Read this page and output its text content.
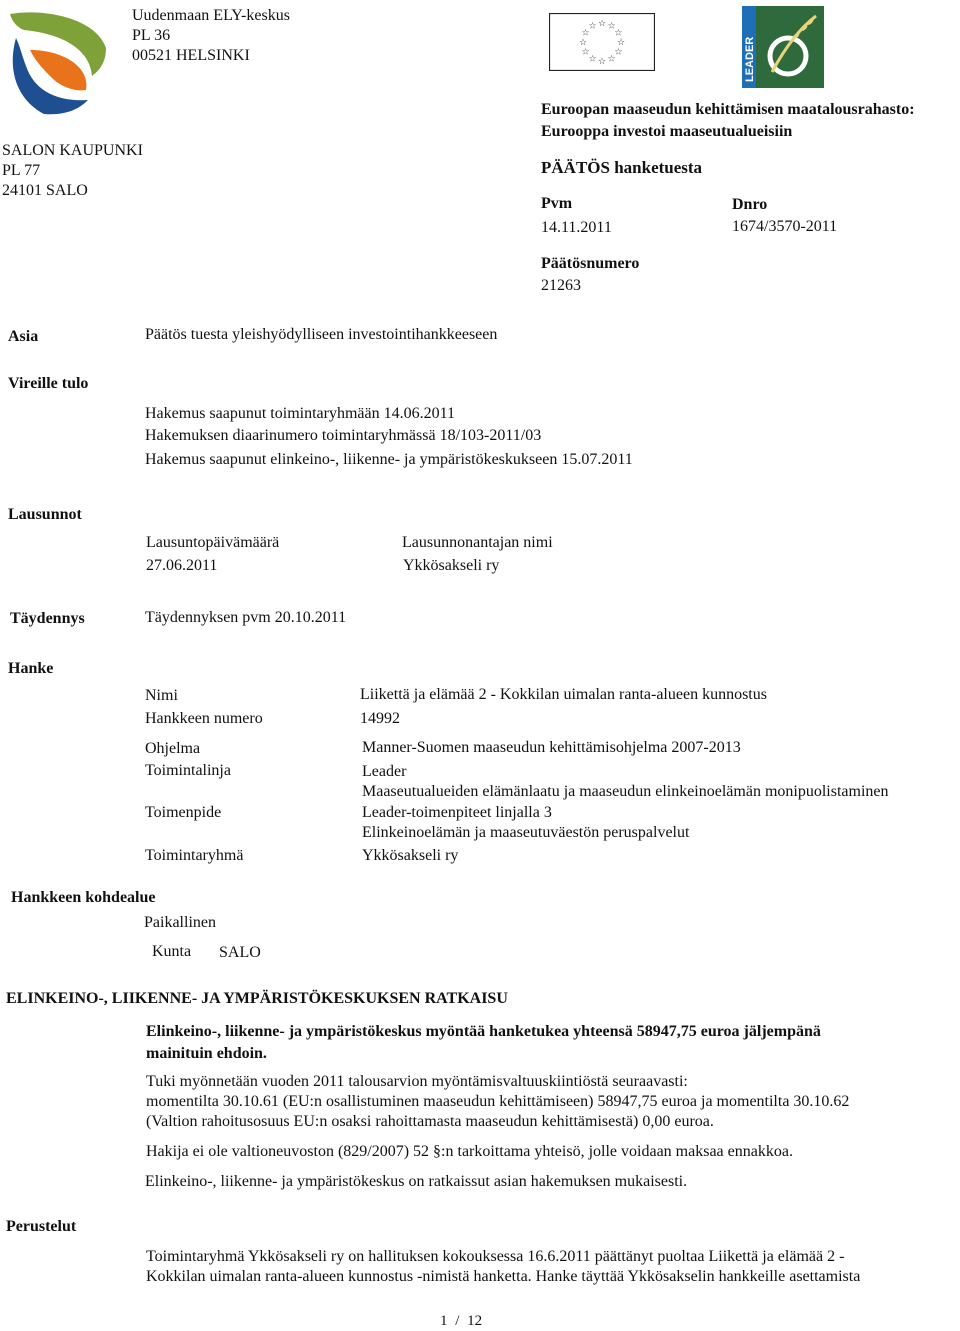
Uudenmaan ELY-keskus
PL 36
00521 HELSINKI
SALON KAUPUNKI
PL 77
24101 SALO
☆ ☆
☆
☆
☆
☆
☆
☆
☆
☆
☆
☆
LEADER
Euroopan maaseudun kehittämisen maatalousrahasto:
Eurooppa investoi maaseutualueisiin
PÄÄTÖS hanketuesta
Pvm
14.11.2011
Dnro
1674/3570-2011
Päätösnumero
21263
Asia	Päätös tuesta yleishyödylliseen investointihankkeeseen
Vireille tulo
Hakemus saapunut toimintaryhmään 14.06.2011
Hakemuksen diaarinumero toimintaryhmässä 18/103-2011/03
Hakemus saapunut elinkeino-, liikenne- ja ympäristökeskukseen 15.07.2011
Lausunnot
Lausuntopäivämäärä
27.06.2011
Lausunnonantajan nimi
Ykkösakseli ry
Täydennys	Täydennyksen pvm 20.10.2011
Hanke
Nimi	Liikettä ja elämää 2 - Kokkilan uimalan ranta-alueen kunnostus
Hankkeen numero	14992
Ohjelma	Manner-Suomen maaseudun kehittämisohjelma 2007-2013
Toimintalinja	Leader
Maaseutualueiden elämänlaatu ja maaseudun elinkeinoelämän monipuolistaminen
Toimenpide	Leader-toimenpiteet linjalla 3
Elinkeinoelämän ja maaseutuväestön peruspalvelut
Toimintaryhmä	Ykkösakseli ry
Hankkeen kohdealue
Paikallinen
Kunta SALO
ELINKEINO-, LIIKENNE- JA YMPÄRISTÖKESKUKSEN RATKAISU
Elinkeino-, liikenne- ja ympäristökeskus myöntää hanketukea yhteensä 58947,75 euroa jäljempänä
mainituin ehdoin.
Tuki myönnetään vuoden 2011 talousarvion myöntämisvaltuuskiintiöstä seuraavasti:
momentilta 30.10.61 (EU:n osallistuminen maaseudun kehittämiseen) 58947,75 euroa ja momentilta 30.10.62
(Valtion rahoitusosuus EU:n osaksi rahoittamasta maaseudun kehittämisestä) 0,00 euroa.
Hakija ei ole valtioneuvoston (829/2007) 52 §:n tarkoittama yhteisö, jolle voidaan maksaa ennakkoa.
Elinkeino-, liikenne- ja ympäristökeskus on ratkaissut asian hakemuksen mukaisesti.
Perustelut
Toimintaryhmä Ykkösakseli ry on hallituksen kokouksessa 16.6.2011 päättänyt puoltaa Liikettä ja elämää 2 -
Kokkilan uimalan ranta-alueen kunnostus -nimistä hanketta. Hanke täyttää Ykkösakselin hankkeille asettamista
1 / 12
